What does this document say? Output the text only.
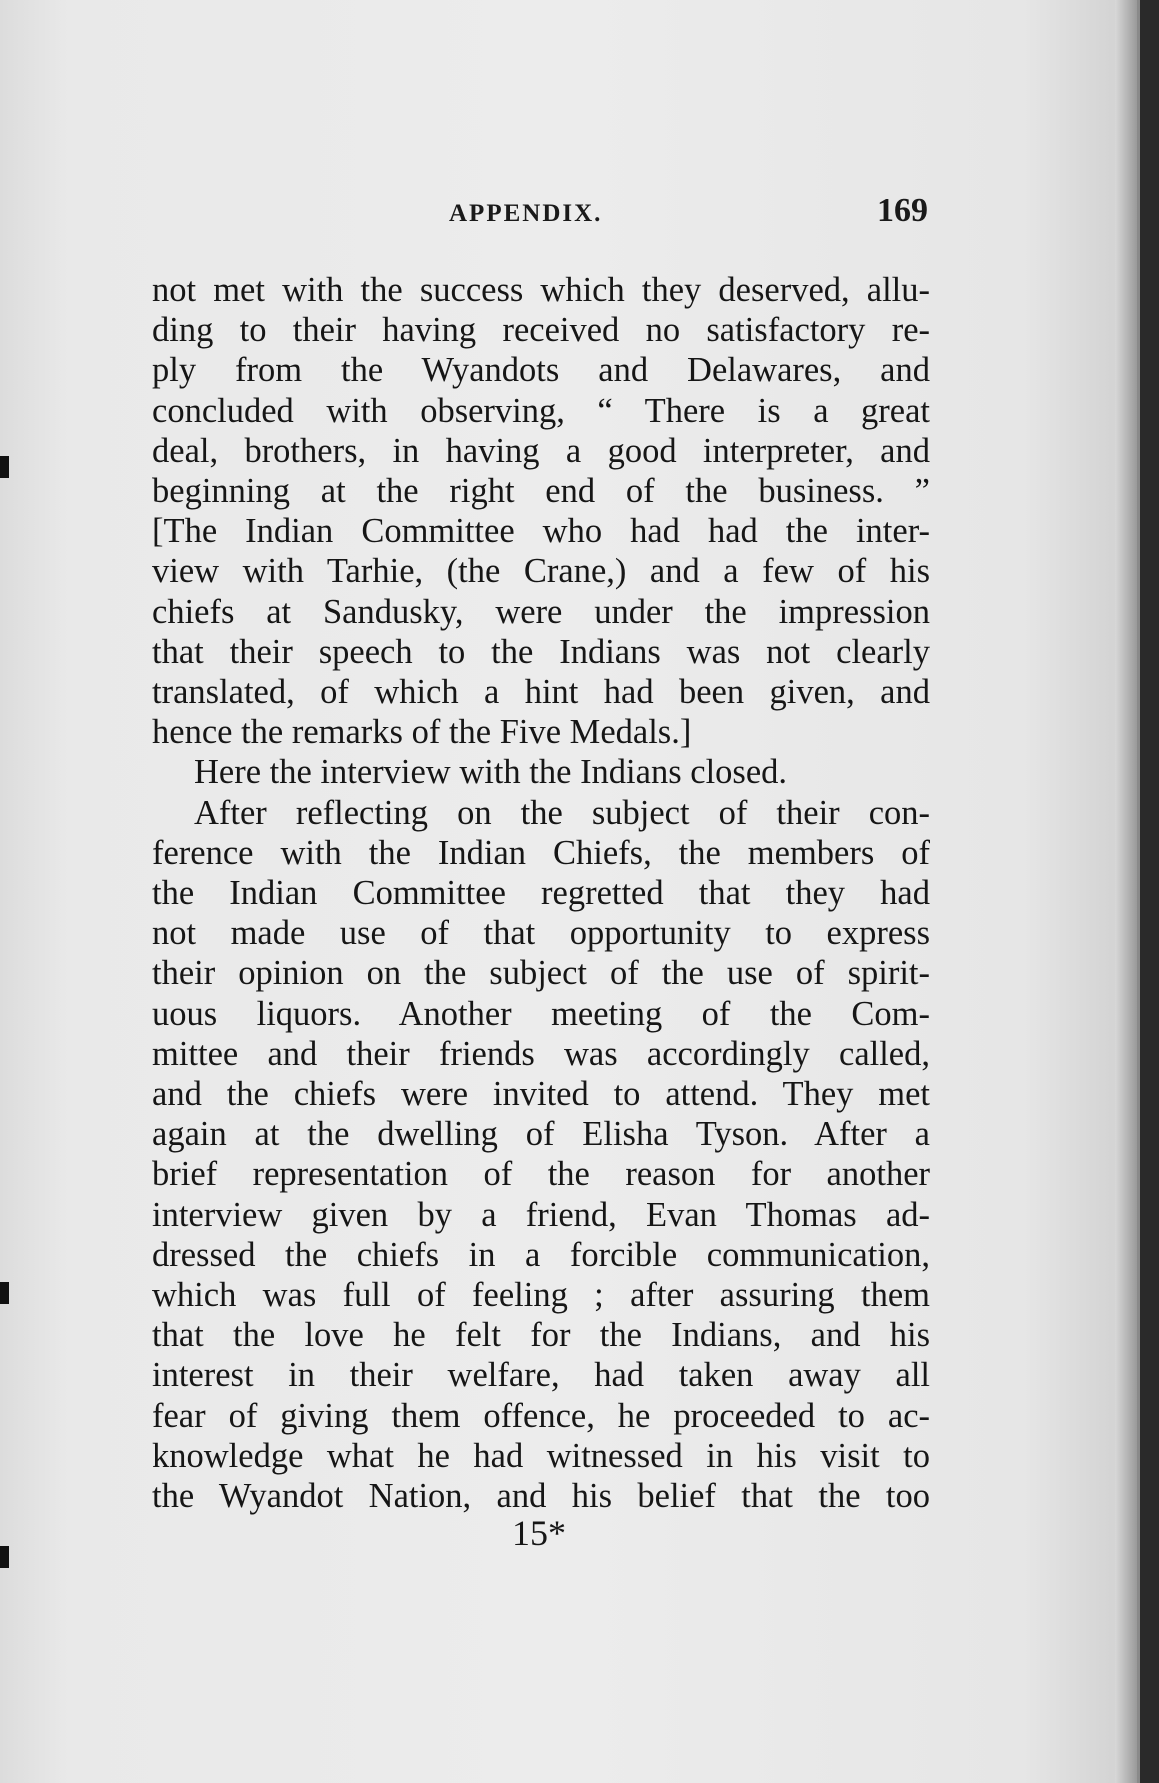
APPENDIX.	169
not met with the success which they deserved, allu-
ding to their having received no satisfactory re-
ply from the Wyandots and Delawares, and
concluded with observing, “ There is a great
deal, brothers, in having a good interpreter, and
beginning at the right end of the business. ”
[The Indian Committee who had had the inter-
view with Tarhie, (the Crane,) and a few of his
chiefs at Sandusky, were under the impression
that their speech to the Indians was not clearly
translated, of which a hint had been given, and
hence the remarks of the Five Medals.]
Here the interview with the Indians closed.
After reflecting on the subject of their con-
ference with the Indian Chiefs, the members of
the Indian Committee regretted that they had
not made use of that opportunity to express
their opinion on the subject of the use of spirit-
uous liquors. Another meeting of the Com-
mittee and their friends was accordingly called,
and the chiefs were invited to attend. They met
again at the dwelling of Elisha Tyson. After a
brief representation of the reason for another
interview given by a friend, Evan Thomas ad-
dressed the chiefs in a forcible communication,
which was full of feeling ; after assuring them
that the love he felt for the Indians, and his
interest in their welfare, had taken away all
fear of giving them offence, he proceeded to ac-
knowledge what he had witnessed in his visit to
the Wyandot Nation, and his belief that the too
15*
